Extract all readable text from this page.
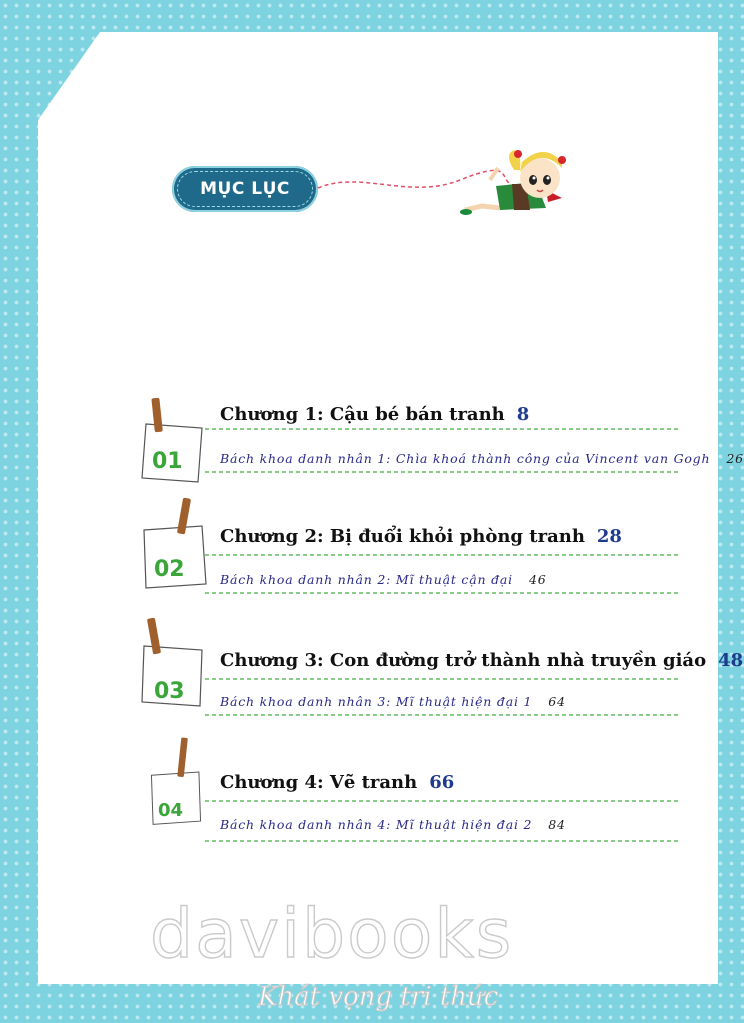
MỤC LỤC
01
Chương 1: Cậu bé bán tranh 8
Bách khoa danh nhân 1: Chìa khoá thành công của Vincent van Gogh 26
02
Chương 2: Bị đuổi khỏi phòng tranh 28
Bách khoa danh nhân 2: Mĩ thuật cận đại 46
03
Chương 3: Con đường trở thành nhà truyền giáo 48
Bách khoa danh nhân 3: Mĩ thuật hiện đại 1 64
04
Chương 4: Vẽ tranh 66
Bách khoa danh nhân 4: Mĩ thuật hiện đại 2 84
davibooks
Khát vọng tri thức
